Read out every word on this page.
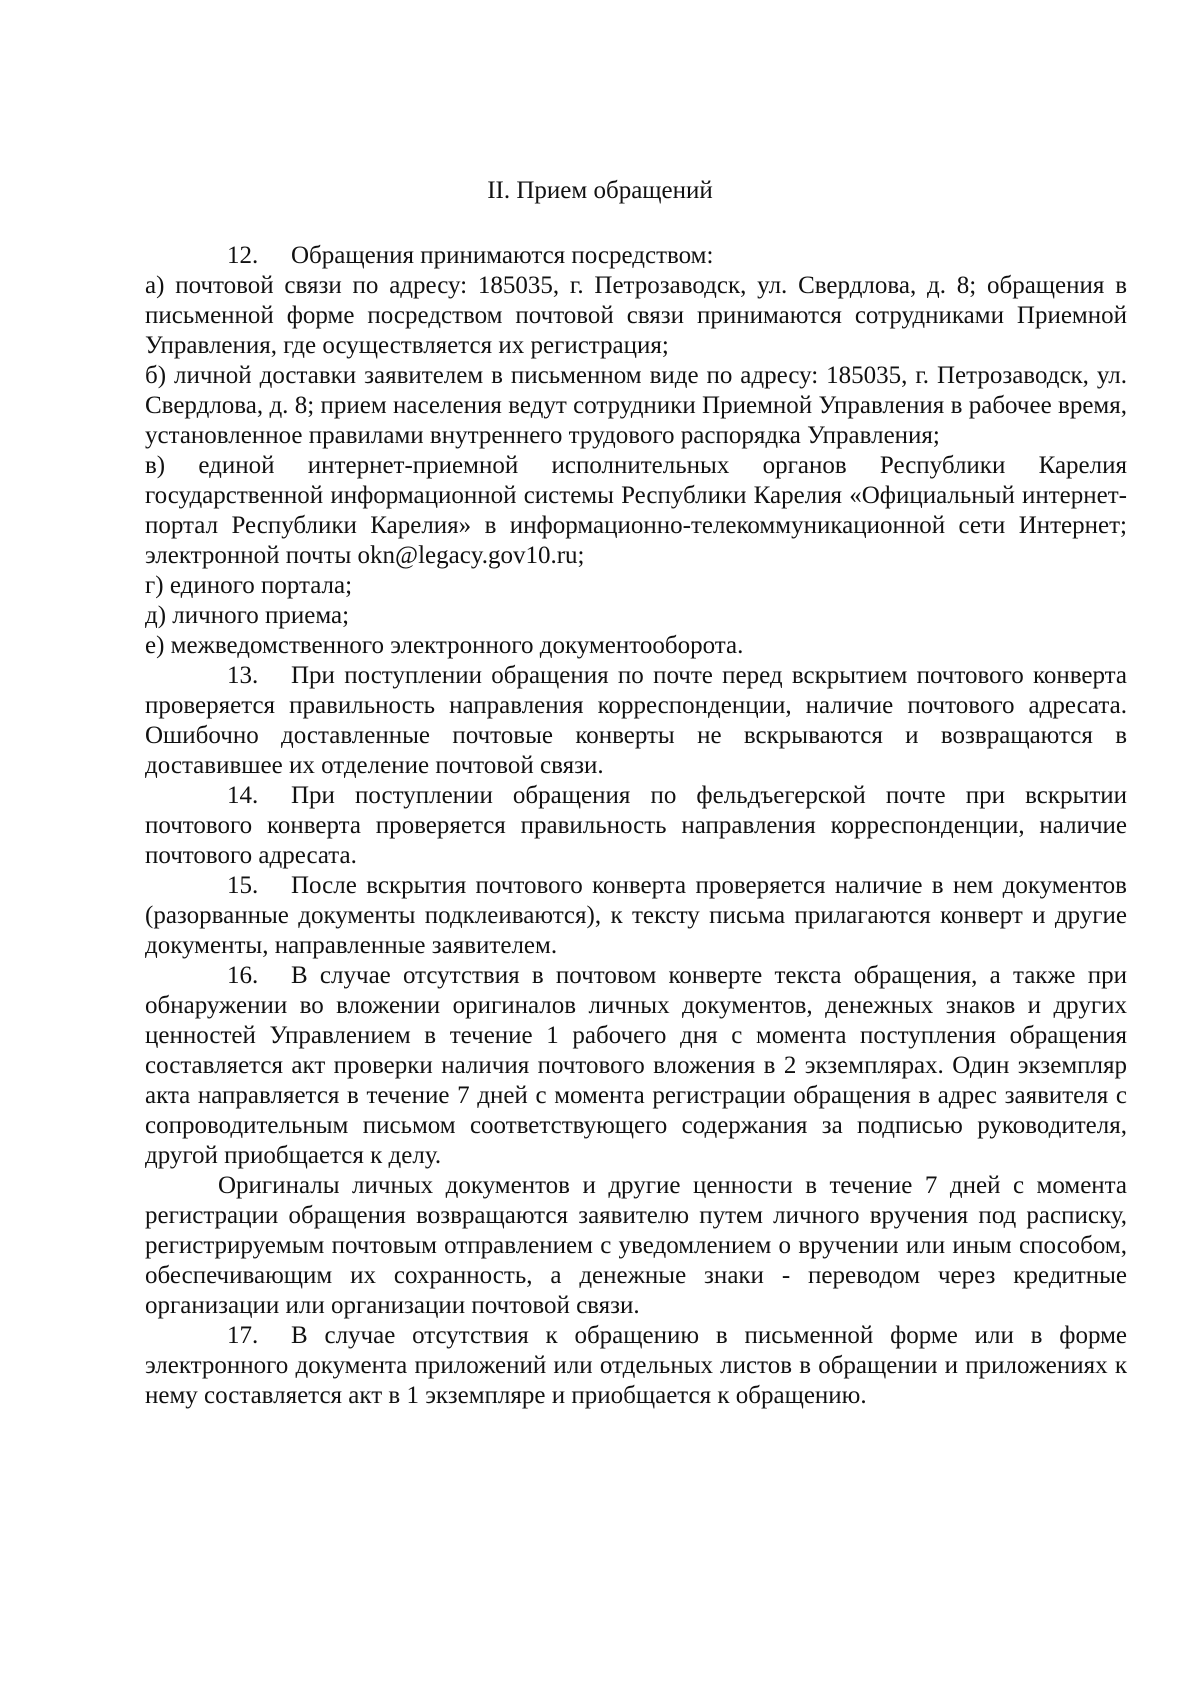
II. Прием обращений

12. Обращения принимаются посредством:

а) почтовой связи по адресу: 185035, г. Петрозаводск, ул. Свердлова, д. 8; обращения в письменной форме посредством почтовой связи принимаются сотрудниками Приемной Управления, где осуществляется их регистрация;

б) личной доставки заявителем в письменном виде по адресу: 185035, г. Петрозаводск, ул. Свердлова, д. 8; прием населения ведут сотрудники Приемной Управления в рабочее время, установленное правилами внутреннего трудового распорядка Управления;

в) единой интернет-приемной исполнительных органов Республики Карелия государственной информационной системы Республики Карелия «Официальный интернет-портал Республики Карелия» в информационно-телекоммуникационной сети Интернет; электронной почты okn@legacy.gov10.ru;

г) единого портала;

д) личного приема;

е) межведомственного электронного документооборота.

13. При поступлении обращения по почте перед вскрытием почтового конверта проверяется правильность направления корреспонденции, наличие почтового адресата. Ошибочно доставленные почтовые конверты не вскрываются и возвращаются в доставившее их отделение почтовой связи.

14. При поступлении обращения по фельдъегерской почте при вскрытии почтового конверта проверяется правильность направления корреспонденции, наличие почтового адресата.

15. После вскрытия почтового конверта проверяется наличие в нем документов (разорванные документы подклеиваются), к тексту письма прилагаются конверт и другие документы, направленные заявителем.

16. В случае отсутствия в почтовом конверте текста обращения, а также при обнаружении во вложении оригиналов личных документов, денежных знаков и других ценностей Управлением в течение 1 рабочего дня с момента поступления обращения составляется акт проверки наличия почтового вложения в 2 экземплярах. Один экземпляр акта направляется в течение 7 дней с момента регистрации обращения в адрес заявителя с сопроводительным письмом соответствующего содержания за подписью руководителя, другой приобщается к делу.

Оригиналы личных документов и другие ценности в течение 7 дней с момента регистрации обращения возвращаются заявителю путем личного вручения под расписку, регистрируемым почтовым отправлением с уведомлением о вручении или иным способом, обеспечивающим их сохранность, а денежные знаки - переводом через кредитные организации или организации почтовой связи.

17. В случае отсутствия к обращению в письменной форме или в форме электронного документа приложений или отдельных листов в обращении и приложениях к нему составляется акт в 1 экземпляре и приобщается к обращению.
